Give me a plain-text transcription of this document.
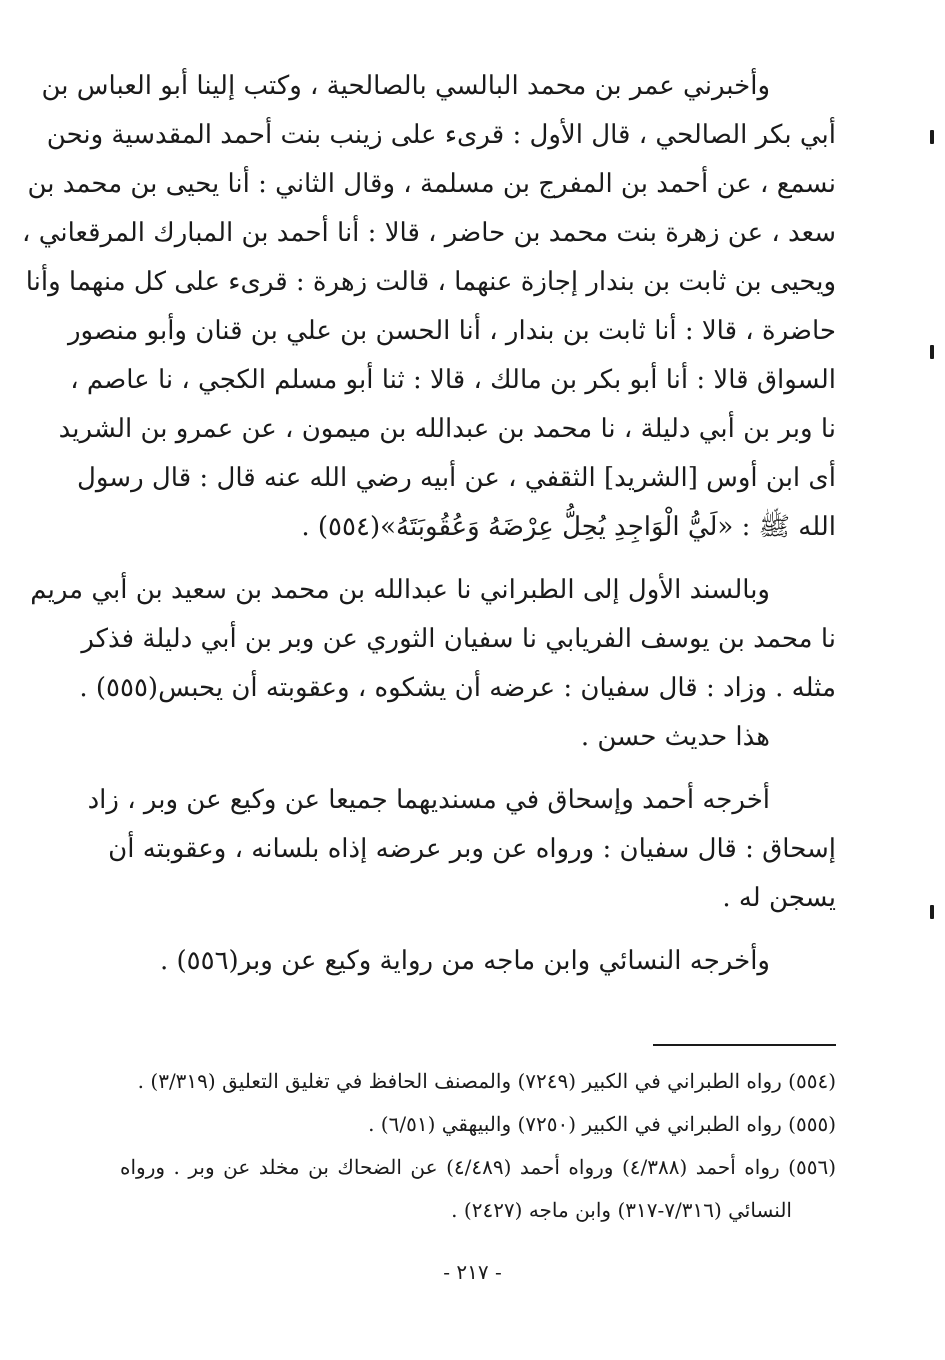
وأخبرني عمر بن محمد البالسي بالصالحية ، وكتب إلينا أبو العباس بن
أبي بكر الصالحي ، قال الأول : قرىء على زينب بنت أحمد المقدسية ونحن
نسمع ، عن أحمد بن المفرج بن مسلمة ، وقال الثاني : أنا يحيى بن محمد بن
سعد ، عن زهرة بنت محمد بن حاضر ، قالا : أنا أحمد بن المبارك المرقعاني ،
ويحيى بن ثابت بن بندار إجازة عنهما ، قالت زهرة : قرىء على كل منهما وأنا
حاضرة ، قالا : أنا ثابت بن بندار ، أنا الحسن بن علي بن قنان وأبو منصور
السواق قالا : أنا أبو بكر بن مالك ، قالا : ثنا أبو مسلم الكجي ، نا عاصم ،
نا وبر بن أبي دليلة ، نا محمد بن عبدالله بن ميمون ، عن عمرو بن الشريد
أى ابن أوس [الشريد] الثقفي ، عن أبيه رضي الله عنه قال : قال رسول
الله ﷺ : «لَيُّ الْوَاجِدِ يُحِلُّ عِرْضَهُ وَعُقُوبَتَهُ»(٥٥٤) .
وبالسند الأول إلى الطبراني نا عبدالله بن محمد بن سعيد بن أبي مريم
نا محمد بن يوسف الفريابي نا سفيان الثوري عن وبر بن أبي دليلة فذكر
مثله . وزاد : قال سفيان : عرضه أن يشكوه ، وعقوبته أن يحبس(٥٥٥) .
هذا حديث حسن .
أخرجه أحمد وإسحاق في مسنديهما جميعا عن وكيع عن وبر ، زاد
إسحاق : قال سفيان : ورواه عن وبر عرضه إذاه بلسانه ، وعقوبته أن
يسجن له .
وأخرجه النسائي وابن ماجه من رواية وكيع عن وبر(٥٥٦) .
(٥٥٤) رواه الطبراني في الكبير (٧٢٤٩) والمصنف الحافظ في تغليق التعليق (٣/٣١٩) .
(٥٥٥) رواه الطبراني في الكبير (٧٢٥٠) والبيهقي (٦/٥١) .
(٥٥٦) رواه أحمد (٤/٣٨٨) ورواه أحمد (٤/٤٨٩) عن الضحاك بن مخلد عن وبر . ورواه
النسائي (٧/٣١٦-٣١٧) وابن ماجه (٢٤٢٧) .
- ٢١٧ -
